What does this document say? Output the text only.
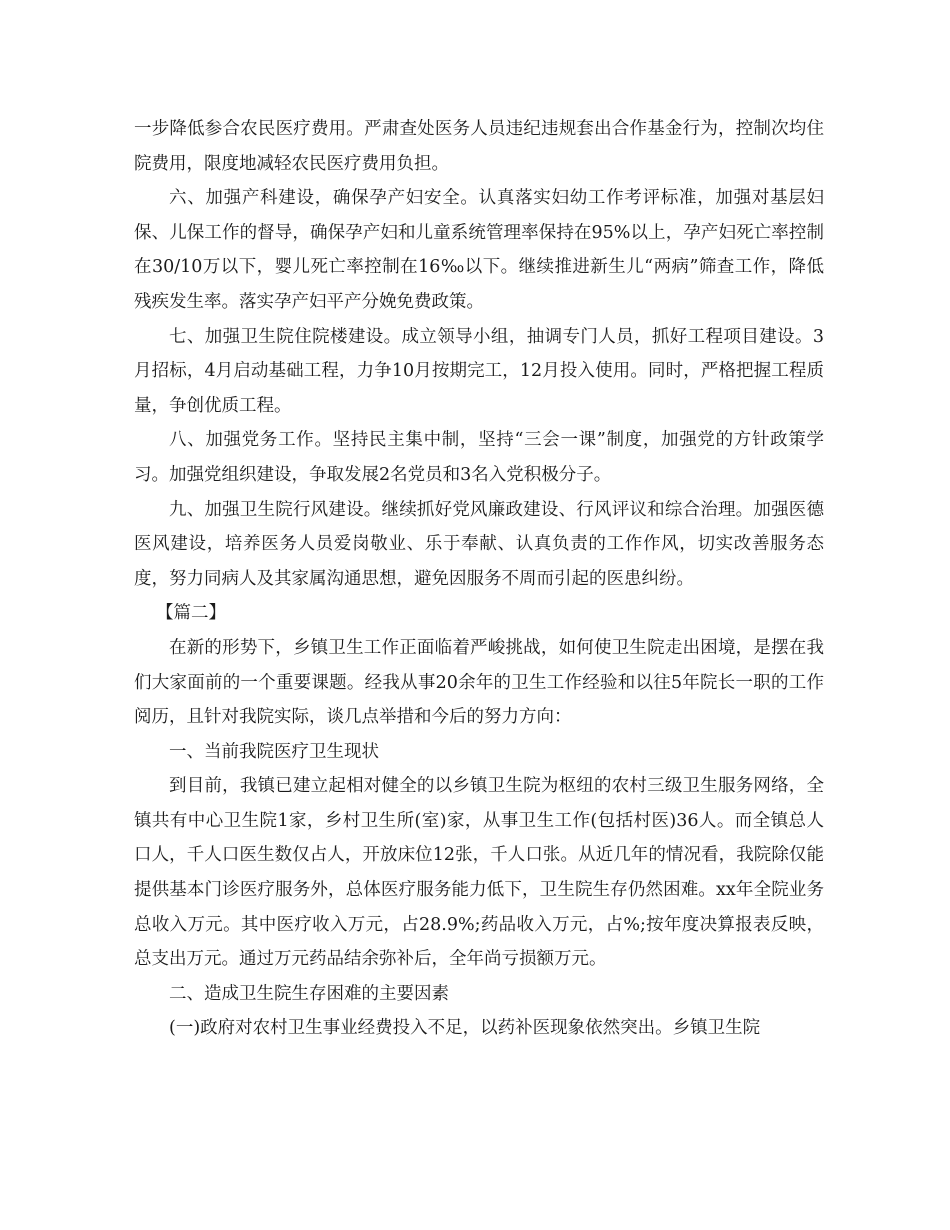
一步降低参合农民医疗费用。严肃查处医务人员违纪违规套出合作基金行为，控制次均住院费用，限度地减轻农民医疗费用负担。

六、加强产科建设，确保孕产妇安全。认真落实妇幼工作考评标准，加强对基层妇保、儿保工作的督导，确保孕产妇和儿童系统管理率保持在95%以上，孕产妇死亡率控制在30/10万以下，婴儿死亡率控制在16‰以下。继续推进新生儿“两病”筛查工作，降低残疾发生率。落实孕产妇平产分娩免费政策。

七、加强卫生院住院楼建设。成立领导小组，抽调专门人员，抓好工程项目建设。3月招标，4月启动基础工程，力争10月按期完工，12月投入使用。同时，严格把握工程质量，争创优质工程。

八、加强党务工作。坚持民主集中制，坚持“三会一课”制度，加强党的方针政策学习。加强党组织建设，争取发展2名党员和3名入党积极分子。

九、加强卫生院行风建设。继续抓好党风廉政建设、行风评议和综合治理。加强医德医风建设，培养医务人员爱岗敬业、乐于奉献、认真负责的工作作风，切实改善服务态度，努力同病人及其家属沟通思想，避免因服务不周而引起的医患纠纷。

【篇二】

在新的形势下，乡镇卫生工作正面临着严峻挑战，如何使卫生院走出困境，是摆在我们大家面前的一个重要课题。经我从事20余年的卫生工作经验和以往5年院长一职的工作阅历，且针对我院实际，谈几点举措和今后的努力方向：

一、当前我院医疗卫生现状

到目前，我镇已建立起相对健全的以乡镇卫生院为枢纽的农村三级卫生服务网络，全镇共有中心卫生院1家，乡村卫生所(室)家，从事卫生工作(包括村医)36人。而全镇总人口人，千人口医生数仅占人，开放床位12张，千人口张。从近几年的情况看，我院除仅能提供基本门诊医疗服务外，总体医疗服务能力低下，卫生院生存仍然困难。xx年全院业务总收入万元。其中医疗收入万元，占28.9%;药品收入万元，占%;按年度决算报表反映，总支出万元。通过万元药品结余弥补后，全年尚亏损额万元。

二、造成卫生院生存困难的主要因素

(一)政府对农村卫生事业经费投入不足，以药补医现象依然突出。乡镇卫生院
